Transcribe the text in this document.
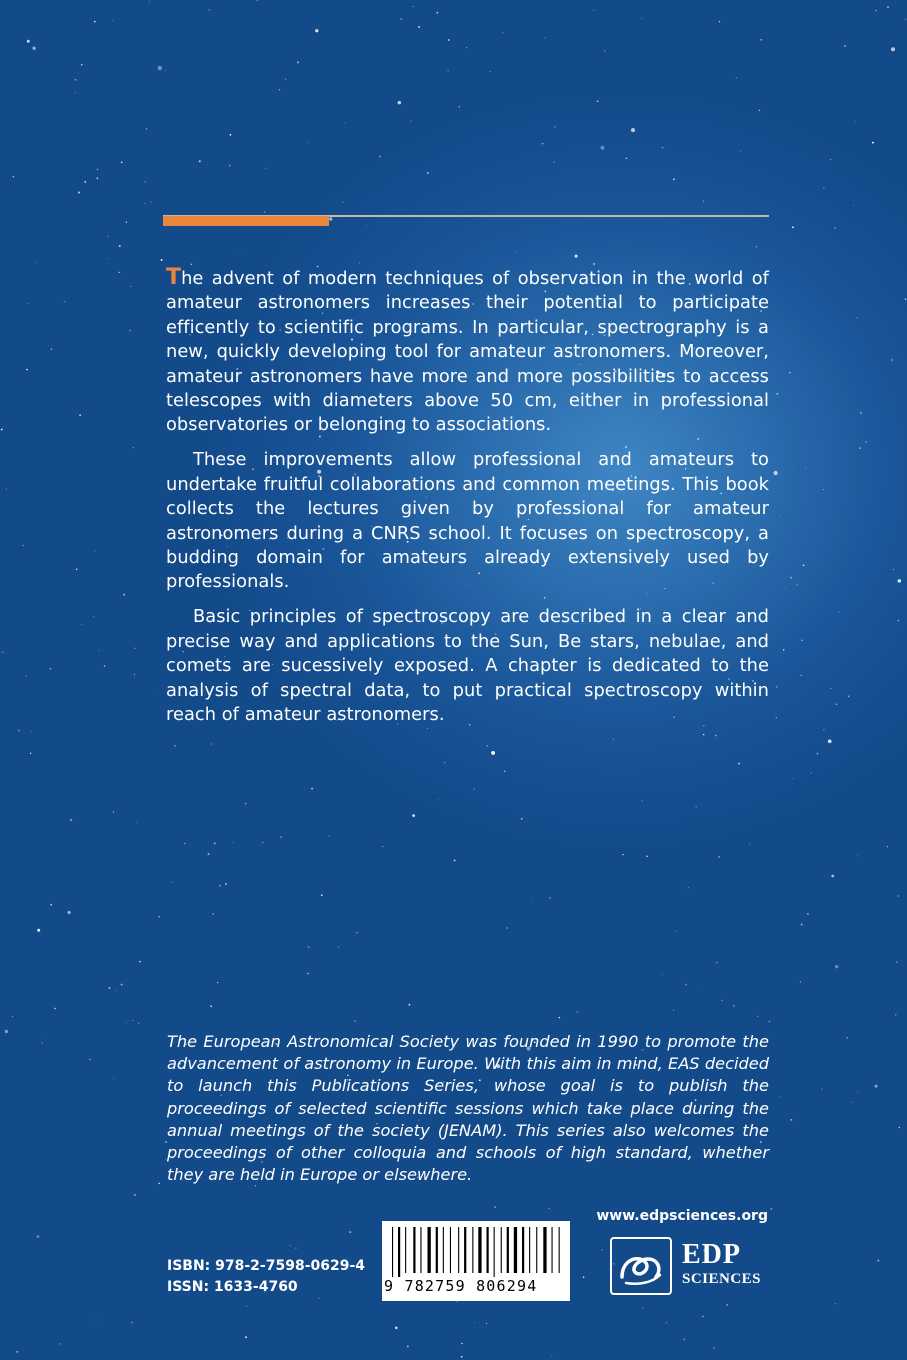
The advent of modern techniques of observation in the world of amateur astronomers increases their potential to participate efficently to scientific programs. In particular, spectrography is a new, quickly developing tool for amateur astronomers. Moreover, amateur astronomers have more and more possibilities to access telescopes with diameters above 50 cm, either in professional observatories or belonging to associations.

These improvements allow professional and amateurs to undertake fruitful collaborations and common meetings. This book collects the lectures given by professional for amateur astronomers during a CNRS school. It focuses on spectroscopy, a budding domain for amateurs already extensively used by professionals.

Basic principles of spectroscopy are described in a clear and precise way and applications to the Sun, Be stars, nebulae, and comets are sucessively exposed. A chapter is dedicated to the analysis of spectral data, to put practical spectroscopy within reach of amateur astronomers.

The European Astronomical Society was founded in 1990 to promote the advancement of astronomy in Europe. With this aim in mind, EAS decided to launch this Publications Series, whose goal is to publish the proceedings of selected scientific sessions which take place during the annual meetings of the society (JENAM). This series also welcomes the proceedings of other colloquia and schools of high standard, whether they are held in Europe or elsewhere.

www.edpsciences.org
ISBN: 978-2-7598-0629-4
ISSN: 1633-4760	9 782759 806294
EDP
SCIENCES
